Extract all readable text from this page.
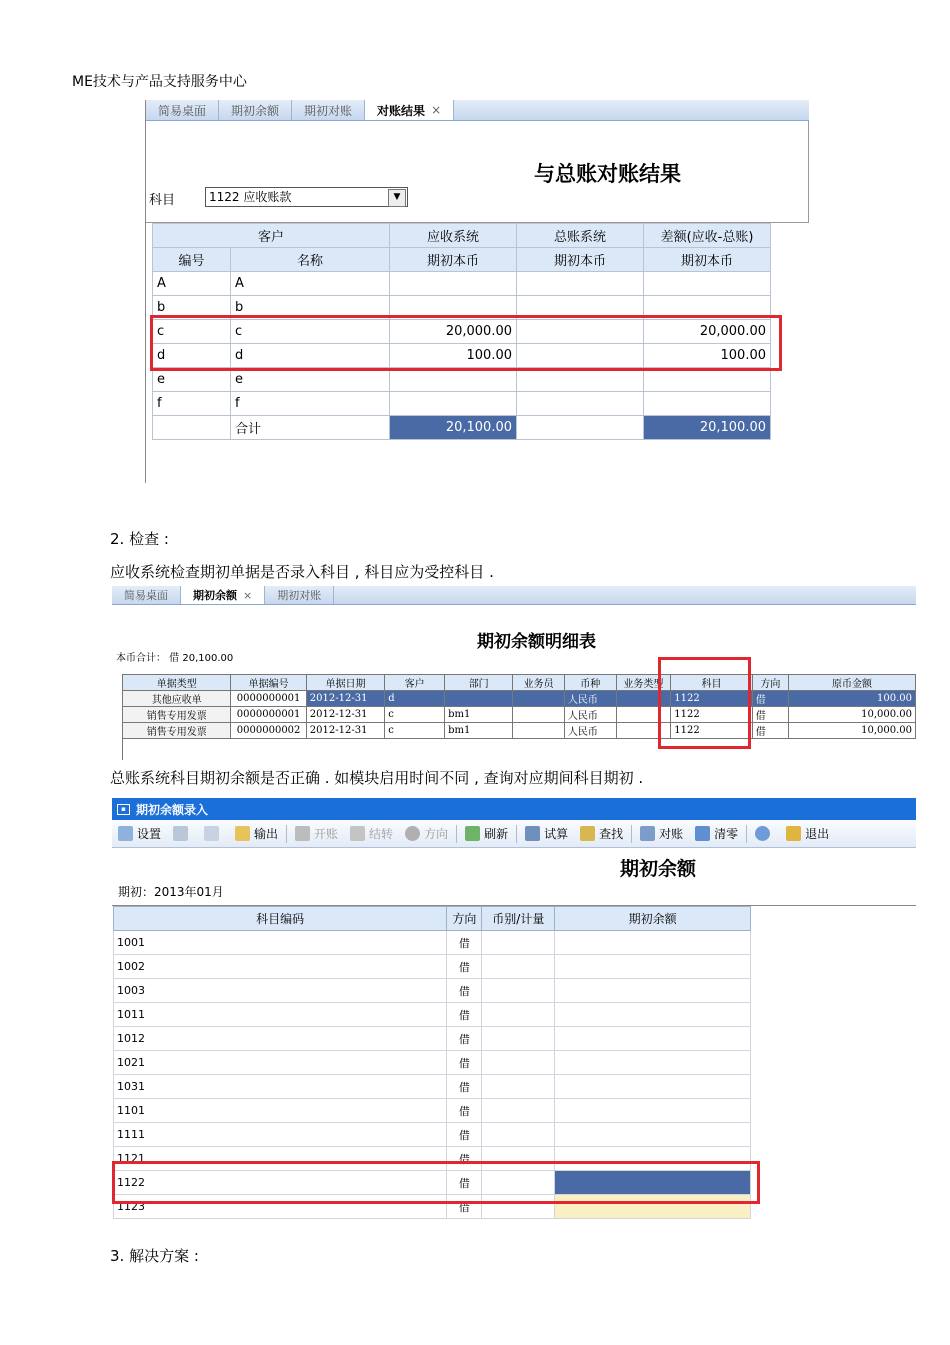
ME技术与产品支持服务中心
简易桌面 期初余额 期初对账 对账结果 ×
与总账对账结果
科目	1122 应收账款	▼
客户		应收系统	总账系统	差额(应收-总账)
编号	名称	期初本币	期初本币	期初本币
A	A			
b	b			
c	c	20,000.00		20,000.00
d	d	100.00		100.00
e	e			
f	f			
	合计	20,100.00		20,100.00
2. 检查 :
应收系统检查期初单据是否录入科目 , 科目应为受控科目 .
简易桌面 期初余额 × 期初对账
期初余额明细表
本币合计： 借 20,100.00
单据类型	单据编号	单据日期	客户	部门	业务员	币种	业务类型	科目	方向	原币金额
其他应收单	0000000001	2012-12-31	d			人民币		1122	借	100.00
销售专用发票	0000000001	2012-12-31	c	bm1		人民币		1122	借	10,000.00
销售专用发票	0000000002	2012-12-31	c	bm1		人民币		1122	借	10,000.00
总账系统科目期初余额是否正确 . 如模块启用时间不同 , 查询对应期间科目期初 .
▪ 期初余额录入
设置	输出	开账	结转	方向	刷新	试算	查找	对账	清零	退出
期初余额
期初：2013年01月
科目编码	方向	币别/计量	期初余额
1001	借		
1002	借		
1003	借		
1011	借		
1012	借		
1021	借		
1031	借		
1101	借		
1111	借		
1121	借		
1122	借		
1123	借		
3. 解决方案 :
